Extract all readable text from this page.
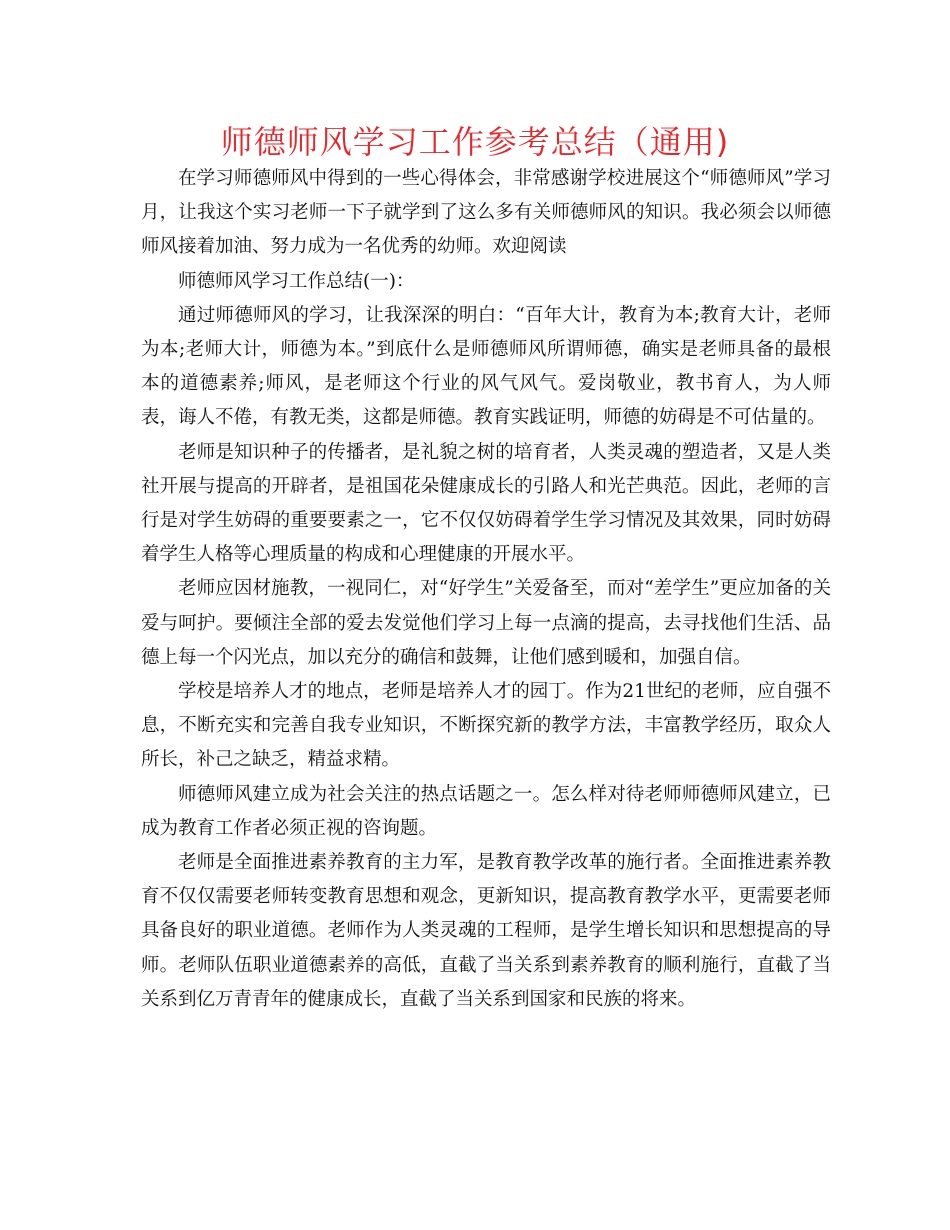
师德师风学习工作参考总结（通用)

在学习师德师风中得到的一些心得体会，非常感谢学校进展这个“师德师风”学习月，让我这个实习老师一下子就学到了这么多有关师德师风的知识。我必须会以师德师风接着加油、努力成为一名优秀的幼师。欢迎阅读

师德师风学习工作总结(一)：

通过师德师风的学习，让我深深的明白：“百年大计，教育为本;教育大计，老师为本;老师大计，师德为本。”到底什么是师德师风所谓师德，确实是老师具备的最根本的道德素养;师风，是老师这个行业的风气风气。爱岗敬业，教书育人，为人师表，诲人不倦，有教无类，这都是师德。教育实践证明，师德的妨碍是不可估量的。

老师是知识种子的传播者，是礼貌之树的培育者，人类灵魂的塑造者，又是人类社开展与提高的开辟者，是祖国花朵健康成长的引路人和光芒典范。因此，老师的言行是对学生妨碍的重要要素之一，它不仅仅妨碍着学生学习情况及其效果，同时妨碍着学生人格等心理质量的构成和心理健康的开展水平。

老师应因材施教，一视同仁，对“好学生”关爱备至，而对“差学生”更应加备的关爱与呵护。要倾注全部的爱去发觉他们学习上每一点滴的提高，去寻找他们生活、品德上每一个闪光点，加以充分的确信和鼓舞，让他们感到暖和，加强自信。

学校是培养人才的地点，老师是培养人才的园丁。作为21世纪的老师，应自强不息，不断充实和完善自我专业知识，不断探究新的教学方法，丰富教学经历，取众人所长，补己之缺乏，精益求精。

师德师风建立成为社会关注的热点话题之一。怎么样对待老师师德师风建立，已成为教育工作者必须正视的咨询题。

老师是全面推进素养教育的主力军，是教育教学改革的施行者。全面推进素养教育不仅仅需要老师转变教育思想和观念，更新知识，提高教育教学水平，更需要老师具备良好的职业道德。老师作为人类灵魂的工程师，是学生增长知识和思想提高的导师。老师队伍职业道德素养的高低，直截了当关系到素养教育的顺利施行，直截了当关系到亿万青青年的健康成长，直截了当关系到国家和民族的将来。
